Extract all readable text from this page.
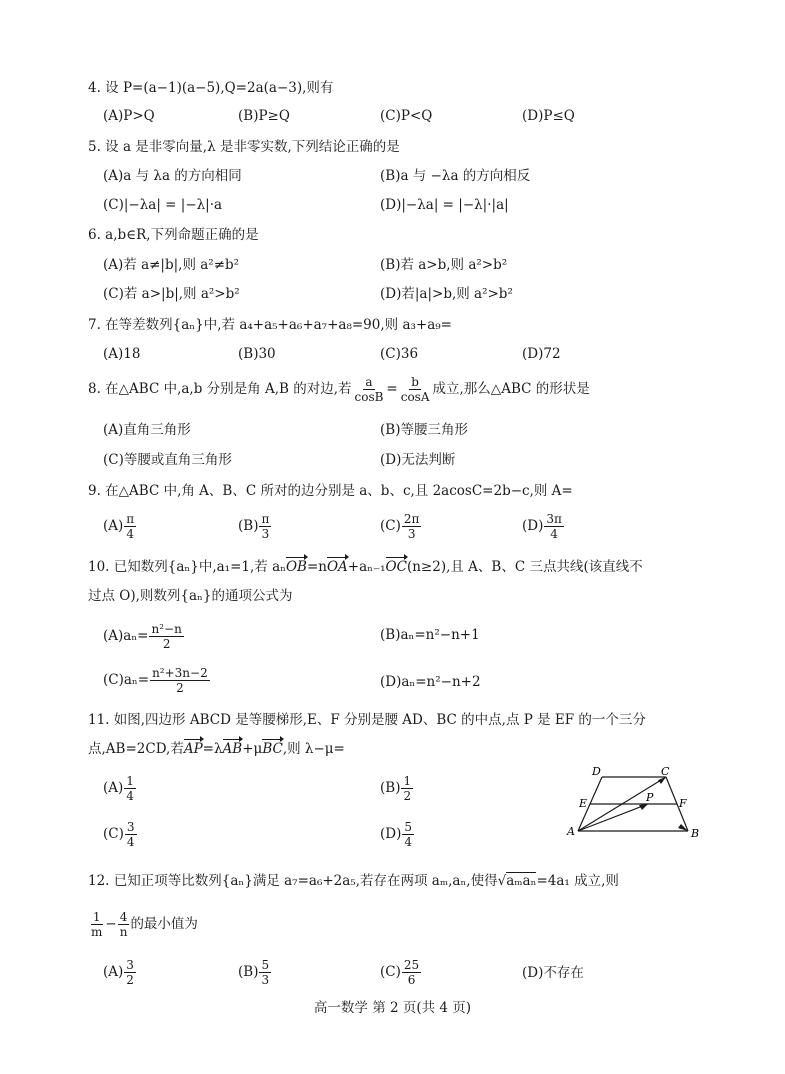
4. 设 P=(a−1)(a−5),Q=2a(a−3),则有
(A)P>Q	(B)P≥Q	(C)P<Q	(D)P≤Q
5. 设 a 是非零向量,λ 是非零实数,下列结论正确的是
(A)a 与 λa 的方向相同	(B)a 与 −λa 的方向相反
(C)|−λa| = |−λ|·a	(D)|−λa| = |−λ|·|a|
6. a,b∈R,下列命题正确的是
(A)若 a≠|b|,则 a²≠b²	(B)若 a>b,则 a²>b²
(C)若 a>|b|,则 a²>b²	(D)若|a|>b,则 a²>b²
7. 在等差数列{aₙ}中,若 a₄+a₅+a₆+a₇+a₈=90,则 a₃+a₉=
(A)18	(B)30	(C)36	(D)72
8. 在△ABC 中,a,b 分别是角 A,B 的对边,若 $\frac{a}{\cos B} = \frac{b}{\cos A}$ 成立,那么△ABC 的形状是
(A)直角三角形	(B)等腰三角形
(C)等腰或直角三角形	(D)无法判断
9. 在△ABC 中,角 A、B、C 所对的边分别是 a、b、c,且 2acosC=2b−c,则 A=
$(A) \frac{\pi}{4}$	$(B) \frac{\pi}{3}$	$(C) \frac{2\pi}{3}$	$(D) \frac{3\pi}{4}$
10. 已知数列{aₙ}中,a₁=1,若 aₙOB=nOA+aₙ₋₁OC(n≥2),且 A、B、C 三点共线(该直线不
过点 O),则数列{aₙ}的通项公式为
$(A)a_n= \frac{\text{n²−n}}{2}$	(B)aₙ=n²−n+1
$(C)a_n= \frac{\text{n²+3n−2}}{2}$	(D)aₙ=n²−n+2
11. 如图,四边形 ABCD 是等腰梯形,E、F 分别是腰 AD、BC 的中点,点 P 是 EF 的一个三分
点,AB=2CD,若AP=λAB+μBC,则 λ−μ=
$(A) \frac{1}{4}$	$(B) \frac{1}{2}$
$(C) \frac{3}{4}$	$(D) \frac{5}{4}$
D	C
E	F
P
A	B
12. 已知正项等比数列{aₙ}满足 a₇=a₆+2a₅,若存在两项 aₘ,aₙ,使得√aₘaₙ=4a₁ 成立,则
$\frac{1}{m} - \frac{4}{n}$ 的最小值为
$(A) \frac{3}{2}$	$(B) \frac{5}{3}$	$(C) \frac{25}{6}$	(D)不存在
高一数学 第 2 页(共 4 页)
